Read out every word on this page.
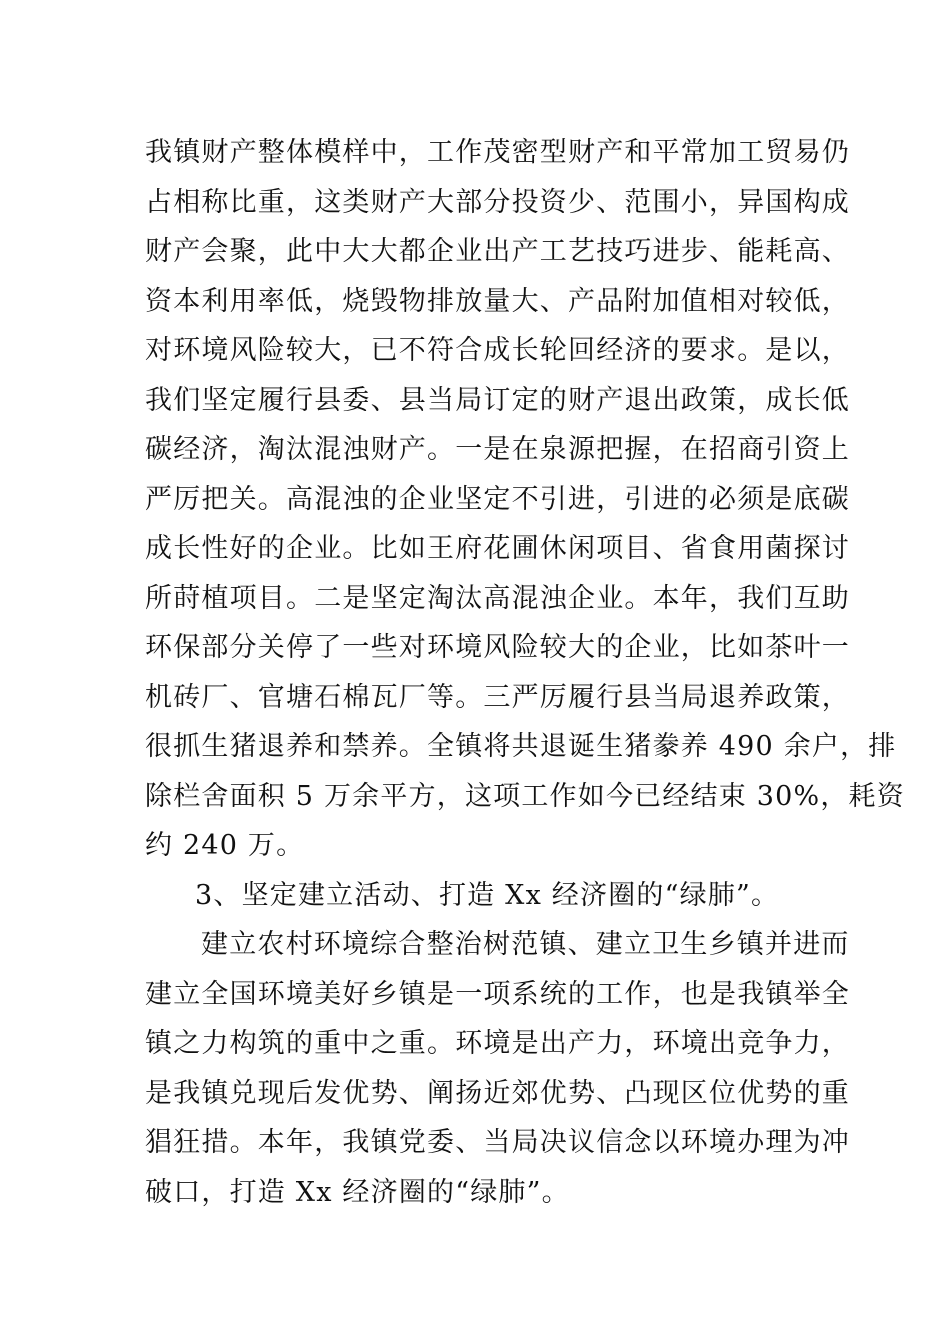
我镇财产整体模样中，工作茂密型财产和平常加工贸易仍
占相称比重，这类财产大部分投资少、范围小，异国构成
财产会聚，此中大大都企业出产工艺技巧进步、能耗高、
资本利用率低，烧毁物排放量大、产品附加值相对较低，
对环境风险较大，已不符合成长轮回经济的要求。是以，
我们坚定履行县委、县当局订定的财产退出政策，成长低
碳经济，淘汰混浊财产。一是在泉源把握，在招商引资上
严厉把关。高混浊的企业坚定不引进，引进的必须是底碳
成长性好的企业。比如王府花圃休闲项目、省食用菌探讨
所莳植项目。二是坚定淘汰高混浊企业。本年，我们互助
环保部分关停了一些对环境风险较大的企业，比如茶叶一
机砖厂、官塘石棉瓦厂等。三严厉履行县当局退养政策，
很抓生猪退养和禁养。全镇将共退诞生猪豢养 490 余户，排
除栏舍面积 5 万余平方，这项工作如今已经结束 30%，耗资
约 240 万。
3、坚定建立活动、打造 Xx 经济圈的“绿肺”。
建立农村环境综合整治树范镇、建立卫生乡镇并进而
建立全国环境美好乡镇是一项系统的工作，也是我镇举全
镇之力构筑的重中之重。环境是出产力，环境出竞争力，
是我镇兑现后发优势、阐扬近郊优势、凸现区位优势的重
猖狂措。本年，我镇党委、当局决议信念以环境办理为冲
破口，打造 Xx 经济圈的“绿肺”。
